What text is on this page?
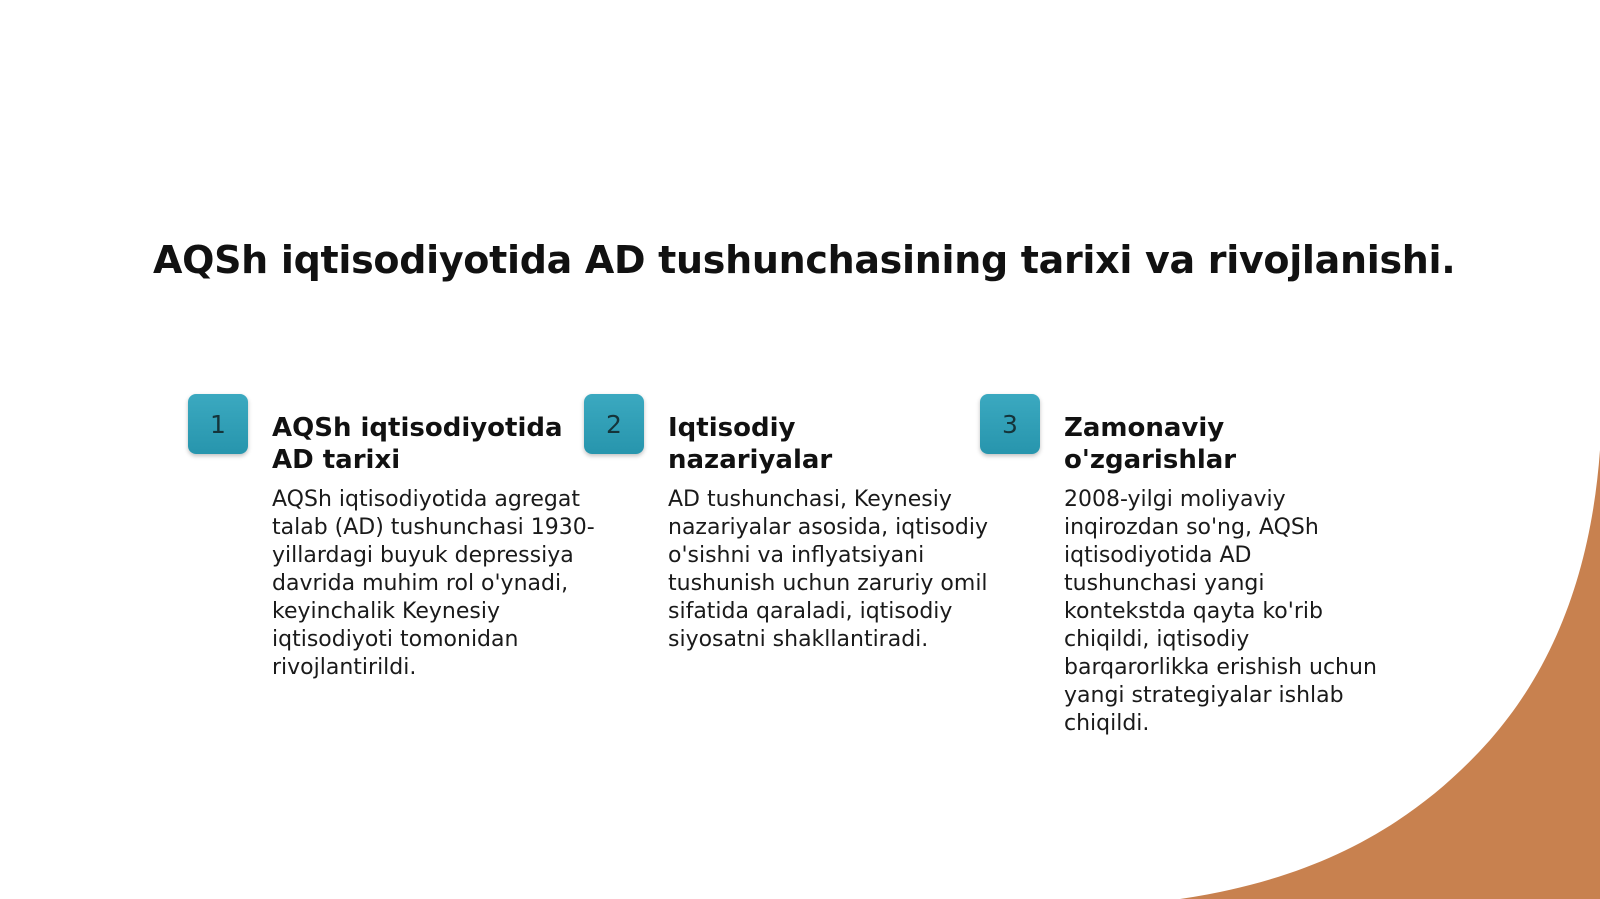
AQSh iqtisodiyotida AD tushunchasining tarixi va rivojlanishi.
1	AQSh iqtisodiyotida AD tarixi

AQSh iqtisodiyotida agregat talab (AD) tushunchasi 1930-yillardagi buyuk depressiya davrida muhim rol o'ynadi, keyinchalik Keynesiy iqtisodiyoti tomonidan rivojlantirildi.

2	Iqtisodiy nazariyalar

AD tushunchasi, Keynesiy nazariyalar asosida, iqtisodiy o'sishni va inflyatsiyani tushunish uchun zaruriy omil sifatida qaraladi, iqtisodiy siyosatni shakllantiradi.

3	Zamonaviy o'zgarishlar

2008-yilgi moliyaviy inqirozdan so'ng, AQSh iqtisodiyotida AD tushunchasi yangi kontekstda qayta ko'rib chiqildi, iqtisodiy barqarorlikka erishish uchun yangi strategiyalar ishlab chiqildi.
